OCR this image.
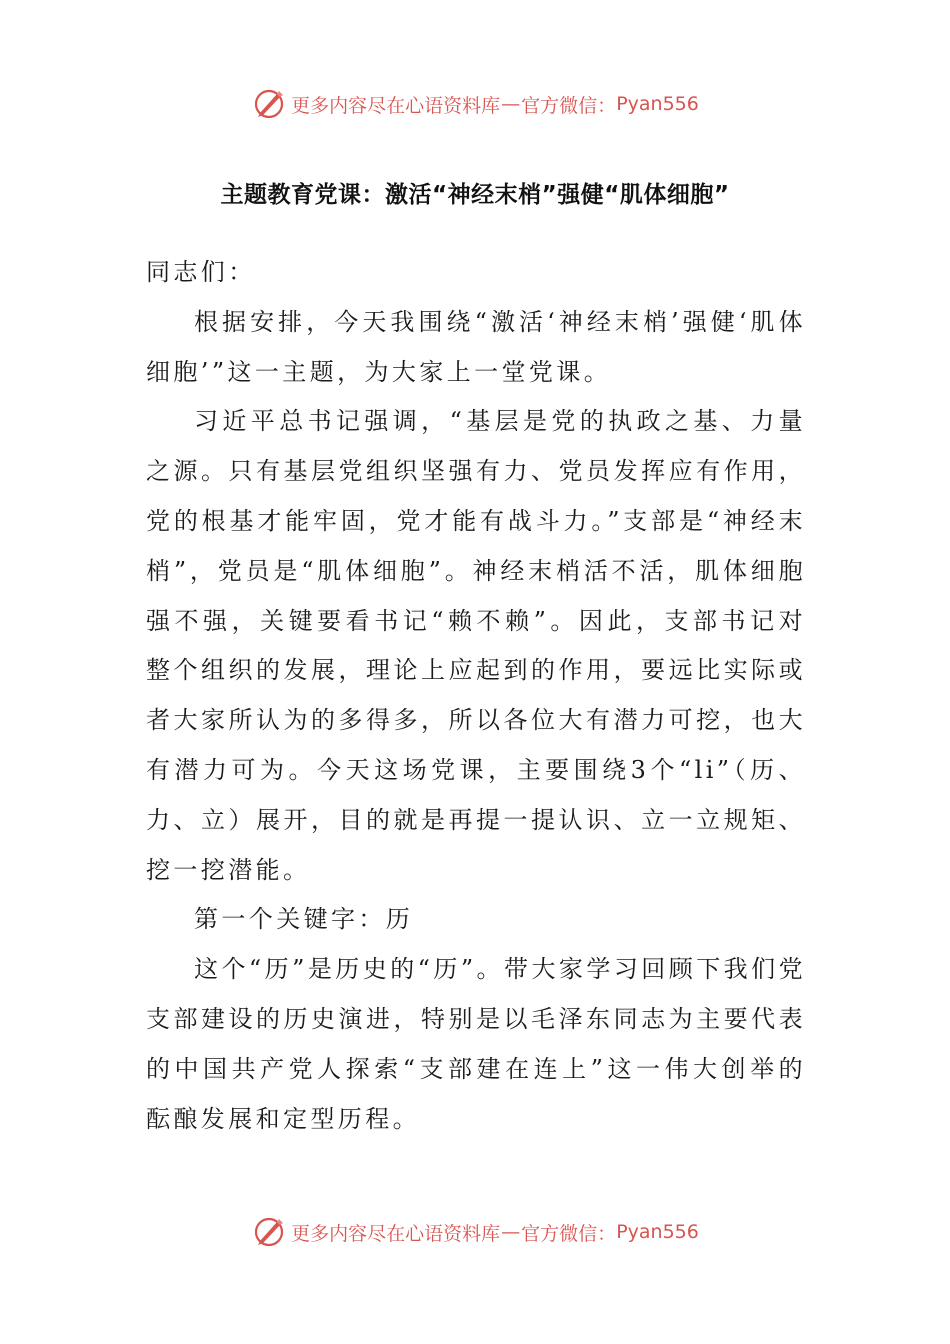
更多内容尽在心语资料库 — 官方微信： Pyan556
主题教育党课：激活“神经末梢”强健“肌体细胞”

同志们：

根据安排，今天我围绕“激活‘神经末梢’强健‘肌体细胞’”这一主题，为大家上一堂党课。

习近平总书记强调，“基层是党的执政之基、力量之源。只有基层党组织坚强有力、党员发挥应有作用，党的根基才能牢固，党才能有战斗力。”支部是“神经末梢”，党员是“肌体细胞”。神经末梢活不活，肌体细胞强不强，关键要看书记“赖不赖”。因此，支部书记对整个组织的发展，理论上应起到的作用，要远比实际或者大家所认为的多得多，所以各位大有潜力可挖，也大有潜力可为。今天这场党课，主要围绕3个“li”（历、力、立）展开，目的就是再提一提认识、立一立规矩、挖一挖潜能。

第一个关键字：历

这个“历”是历史的“历”。带大家学习回顾下我们党支部建设的历史演进，特别是以毛泽东同志为主要代表的中国共产党人探索“支部建在连上”这一伟大创举的酝酿发展和定型历程。

更多内容尽在心语资料库 — 官方微信： Pyan556
